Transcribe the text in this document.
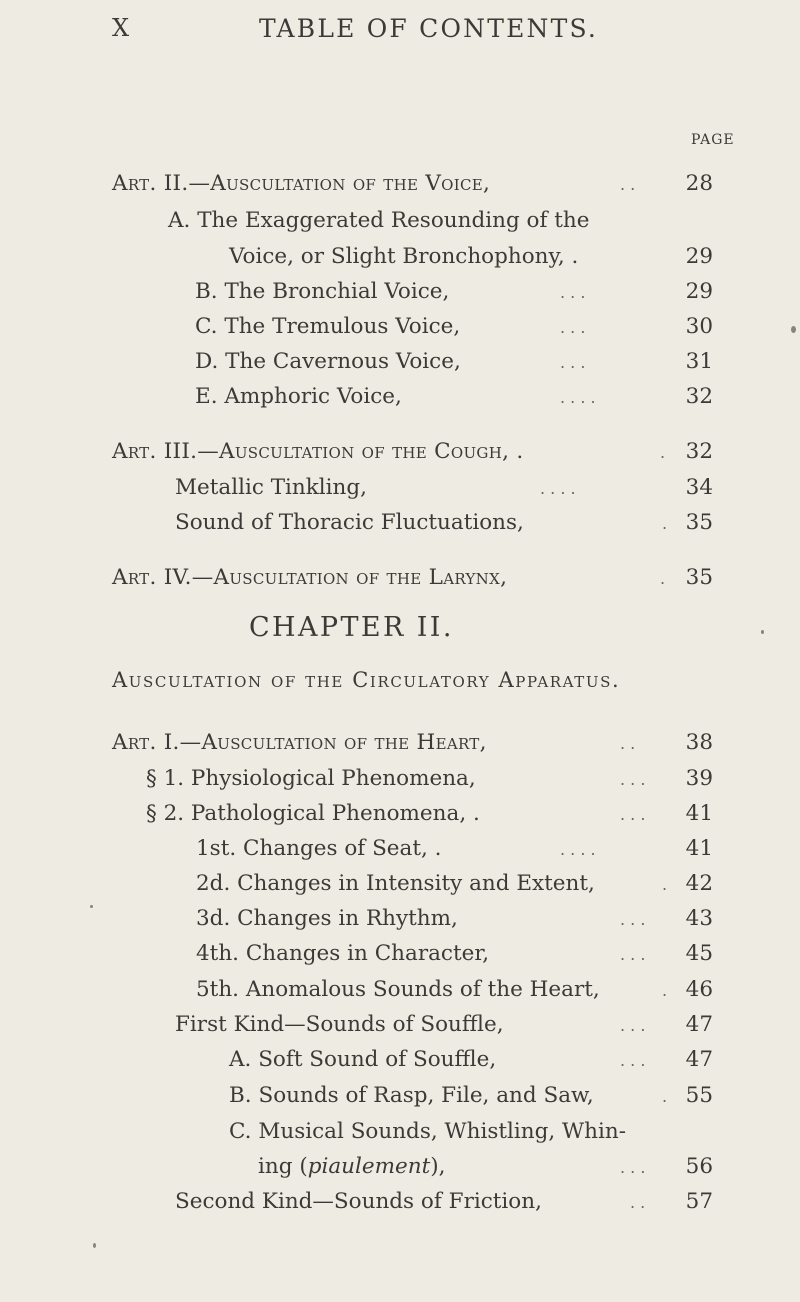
X	TABLE OF CONTENTS.
PAGE
Art. II.—Auscultation of the Voice,	. . 28
A. The Exaggerated Resounding of the
Voice, or Slight Bronchophony, .	29
B. The Bronchial Voice,	. . .	29
C. The Tremulous Voice,	. . .	30
D. The Cavernous Voice,	. . .	31
E. Amphoric Voice,	. . . .	32
Art. III.—Auscultation of the Cough, .	. 32
Metallic Tinkling,	. . . .	34
Sound of Thoracic Fluctuations,	. 35
Art. IV.—Auscultation of the Larynx,	. 35
CHAPTER II.
Auscultation of the Circulatory Apparatus.
Art. I.—Auscultation of the Heart,	. . 38
§ 1. Physiological Phenomena,	. . . 39
§ 2. Pathological Phenomena, .	. . . 41
1st. Changes of Seat, .	. . . .	41
2d. Changes in Intensity and Extent,	. 42
3d. Changes in Rhythm,	. . . 43
4th. Changes in Character,	. . . 45
5th. Anomalous Sounds of the Heart,	. 46
First Kind—Sounds of Souffle,	. . . 47
A. Soft Sound of Souffle,	. . . 47
B. Sounds of Rasp, File, and Saw,	. 55
C. Musical Sounds, Whistling, Whin-
ing (piaulement),	. . . 56
Second Kind—Sounds of Friction,	. . 57
